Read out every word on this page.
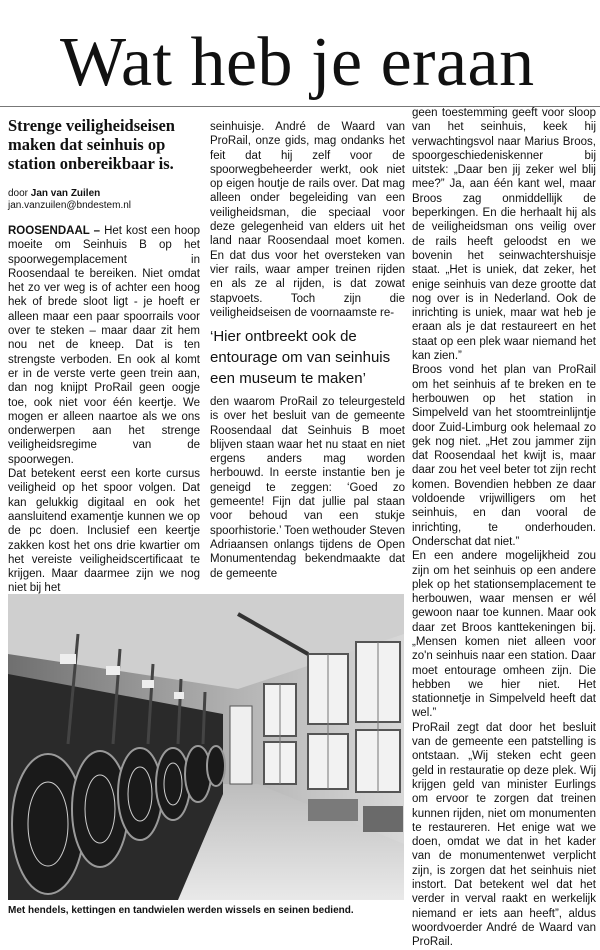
Wat heb je eraan
Strenge veiligheidseisen maken dat seinhuis op station onbereikbaar is.
door Jan van Zuilen
jan.vanzuilen@bndestem.nl

ROOSENDAAL – Het kost een hoop moeite om Seinhuis B op het spoorwegemplacement in Roosendaal te bereiken. Niet omdat het zo ver weg is of achter een hoog hek of brede sloot ligt - je hoeft er alleen maar een paar spoorrails voor over te steken – maar daar zit hem nou net de kneep. Dat is ten strengste verboden. En ook al komt er in de verste verte geen trein aan, dan nog knijpt ProRail geen oogje toe, ook niet voor één keertje. We mogen er alleen naartoe als we ons onderwerpen aan het strenge veiligheidsregime van de spoorwegen.

Dat betekent eerst een korte cursus veiligheid op het spoor volgen. Dat kan gelukkig digitaal en ook het aansluitend examentje kunnen we op de pc doen. Inclusief een keertje zakken kost het ons drie kwartier om het vereiste veiligheidscertificaat te krijgen. Maar daarmee zijn we nog niet bij het

seinhuisje. André de Waard van ProRail, onze gids, mag ondanks het feit dat hij zelf voor de spoorwegbeheerder werkt, ook niet op eigen houtje de rails over. Dat mag alleen onder begeleiding van een veiligheidsman, die speciaal voor deze gelegenheid van elders uit het land naar Roosendaal moet komen. En dat dus voor het oversteken van vier rails, waar amper treinen rijden en als ze al rijden, is dat zowat stapvoets. Toch zijn die veiligheidseisen de voornaamste re-

‘Hier ontbreekt ook de entourage om van seinhuis een museum te maken’

den waarom ProRail zo teleurgesteld is over het besluit van de gemeente Roosendaal dat Seinhuis B moet blijven staan waar het nu staat en niet ergens anders mag worden herbouwd. In eerste instantie ben je geneigd te zeggen: ‘Goed zo gemeente! Fijn dat jullie pal staan voor behoud van een stukje spoorhistorie.’ Toen wethouder Steven Adriaansen onlangs tijdens de Open Monumentendag bekendmaakte dat de gemeente

geen toestemming geeft voor sloop van het seinhuis, keek hij verwachtingsvol naar Marius Broos, spoorgeschiedeniskenner bij uitstek: „Daar ben jij zeker wel blij mee?” Ja, aan één kant wel, maar Broos zag onmiddellijk de beperkingen. En die herhaalt hij als de veiligheidsman ons veilig over de rails heeft geloodst en we bovenin het seinwachtershuisje staat. „Het is uniek, dat zeker, het enige seinhuis van deze grootte dat nog over is in Nederland. Ook de inrichting is uniek, maar wat heb je eraan als je dat restaureert en het staat op een plek waar niemand het kan zien.”

Broos vond het plan van ProRail om het seinhuis af te breken en te herbouwen op het station in Simpelveld van het stoomtreinlijntje door Zuid-Limburg ook helemaal zo gek nog niet. „Het zou jammer zijn dat Roosendaal het kwijt is, maar daar zou het veel beter tot zijn recht komen. Bovendien hebben ze daar voldoende vrijwilligers om het seinhuis, en dan vooral de inrichting, te onderhouden. Onderschat dat niet.”

En een andere mogelijkheid zou zijn om het seinhuis op een andere plek op het stationsemplacement te herbouwen, waar mensen er wél gewoon naar toe kunnen. Maar ook daar zet Broos kanttekeningen bij. „Mensen komen niet alleen voor zo'n seinhuis naar een station. Daar moet entourage omheen zijn. Die hebben we hier niet. Het stationnetje in Simpelveld heeft dat wel.”

ProRail zegt dat door het besluit van de gemeente een patstelling is ontstaan. „Wij steken echt geen geld in restauratie op deze plek. Wij krijgen geld van minister Eurlings om ervoor te zorgen dat treinen kunnen rijden, niet om monumenten te restaureren. Het enige wat we doen, omdat we dat in het kader van de monumentenwet verplicht zijn, is zorgen dat het seinhuis niet instort. Dat betekent wel dat het verder in verval raakt en werkelijk niemand er iets aan heeft”, aldus woordvoerder André de Waard van ProRail.

Met hendels, kettingen en tandwielen werden wissels en seinen bediend.
